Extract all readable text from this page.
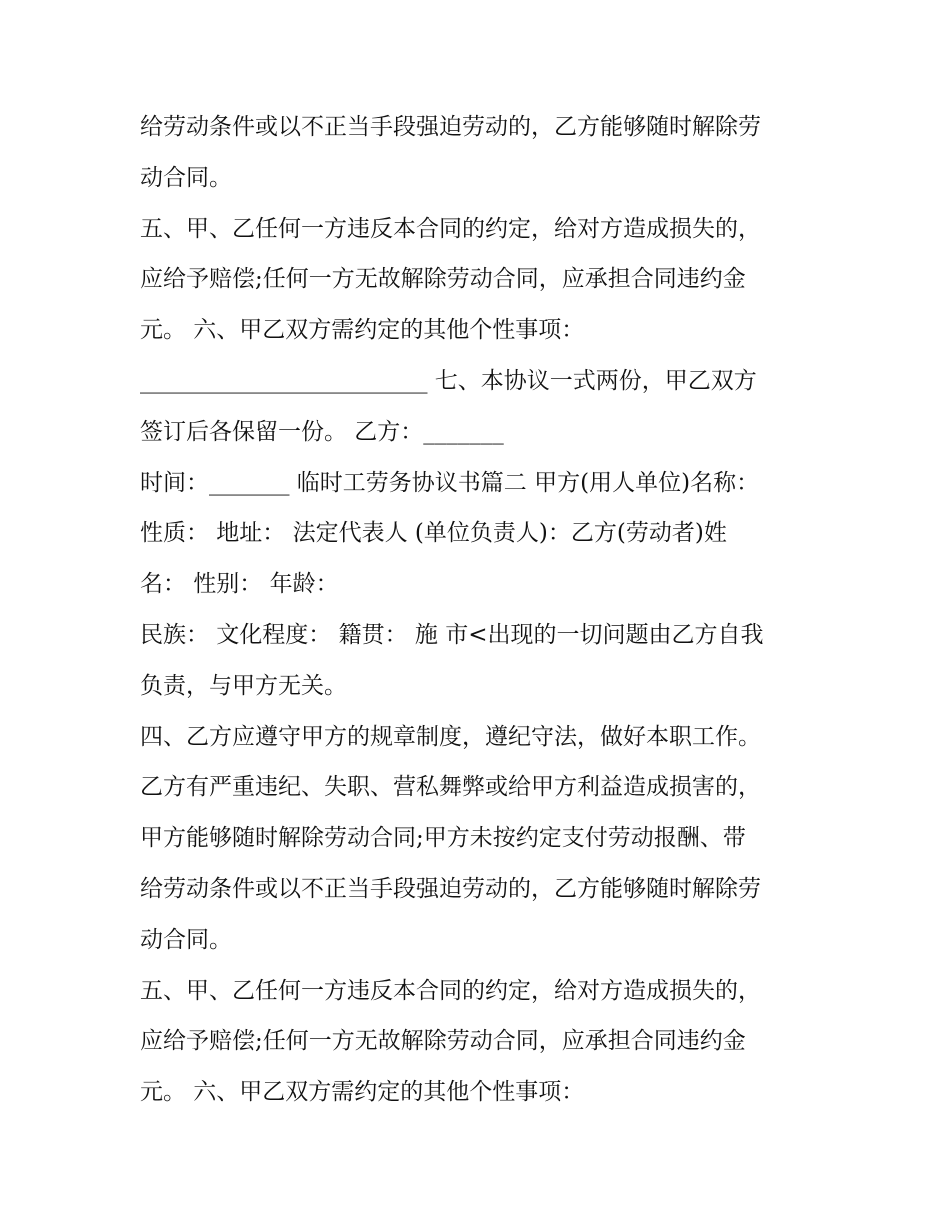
给劳动条件或以不正当手段强迫劳动的，乙方能够随时解除劳
动合同。
五、甲、乙任何一方违反本合同的约定，给对方造成损失的，
应给予赔偿;任何一方无故解除劳动合同，应承担合同违约金
元。 六、甲乙双方需约定的其他个性事项：
_________________________ 七、本协议一式两份，甲乙双方
签订后各保留一份。 乙方：_______
时间：_______ 临时工劳务协议书篇二 甲方(用人单位)名称：
性质： 地址： 法定代表人 (单位负责人)：乙方(劳动者)姓
名： 性别： 年龄：
民族： 文化程度： 籍贯： 施 市<出现的一切问题由乙方自我
负责，与甲方无关。
四、乙方应遵守甲方的规章制度，遵纪守法，做好本职工作。
乙方有严重违纪、失职、营私舞弊或给甲方利益造成损害的，
甲方能够随时解除劳动合同;甲方未按约定支付劳动报酬、带
给劳动条件或以不正当手段强迫劳动的，乙方能够随时解除劳
动合同。
五、甲、乙任何一方违反本合同的约定，给对方造成损失的，
应给予赔偿;任何一方无故解除劳动合同，应承担合同违约金
元。 六、甲乙双方需约定的其他个性事项：
